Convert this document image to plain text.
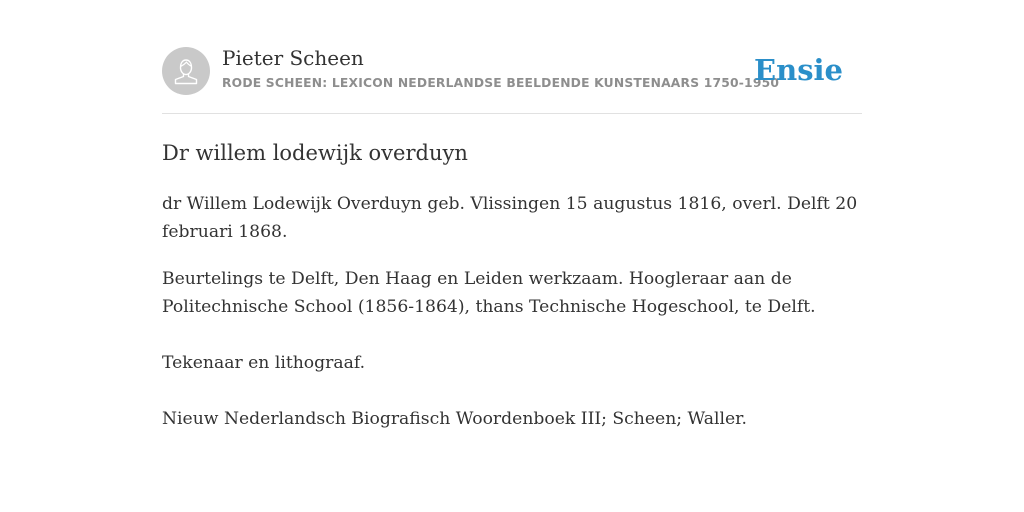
Pieter Scheen
RODE SCHEEN: LEXICON NEDERLANDSE BEELDENDE KUNSTENAARS 1750-1950
Ensie
Dr willem lodewijk overduyn

dr Willem Lodewijk Overduyn geb. Vlissingen 15 augustus 1816, overl. Delft 20 februari 1868.

Beurtelings te Delft, Den Haag en Leiden werkzaam. Hoogleraar aan de Politechnische School (1856-1864), thans Technische Hogeschool, te Delft.

Tekenaar en lithograaf.

Nieuw Nederlandsch Biografisch Woordenboek III; Scheen; Waller.
